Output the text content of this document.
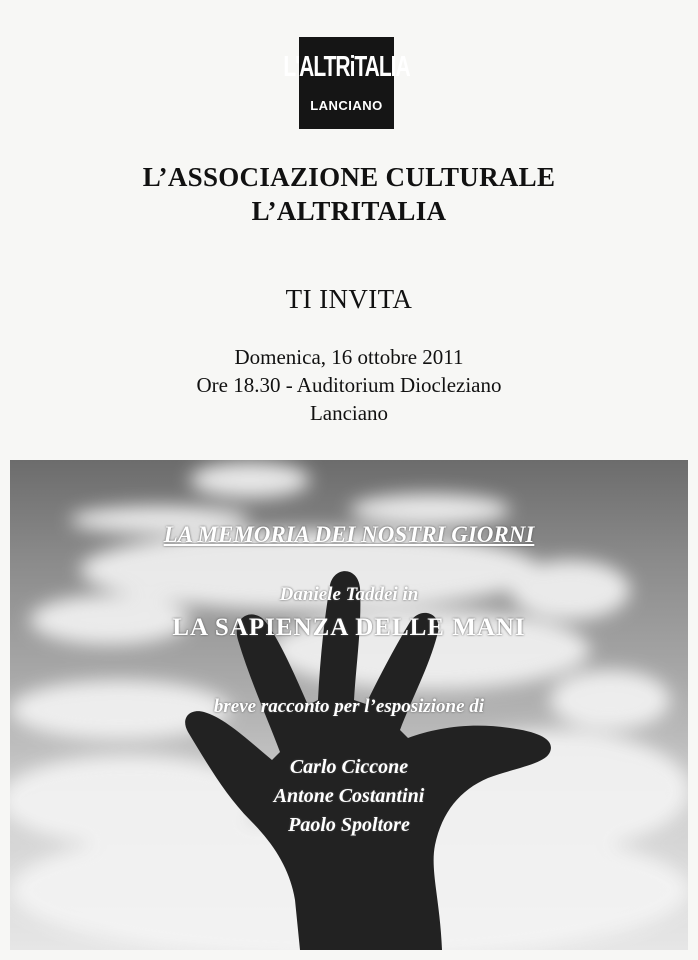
L'ALTRiTALIA
LANCIANO
L’ASSOCIAZIONE CULTURALE
L’ALTRITALIA
TI INVITA
Domenica, 16 ottobre 2011
Ore 18.30 - Auditorium Diocleziano
Lanciano
LA MEMORIA DEI NOSTRI GIORNI
Daniele Taddei in
LA SAPIENZA DELLE MANI
breve racconto per l’esposizione di
Carlo Ciccone
Antone Costantini
Paolo Spoltore
